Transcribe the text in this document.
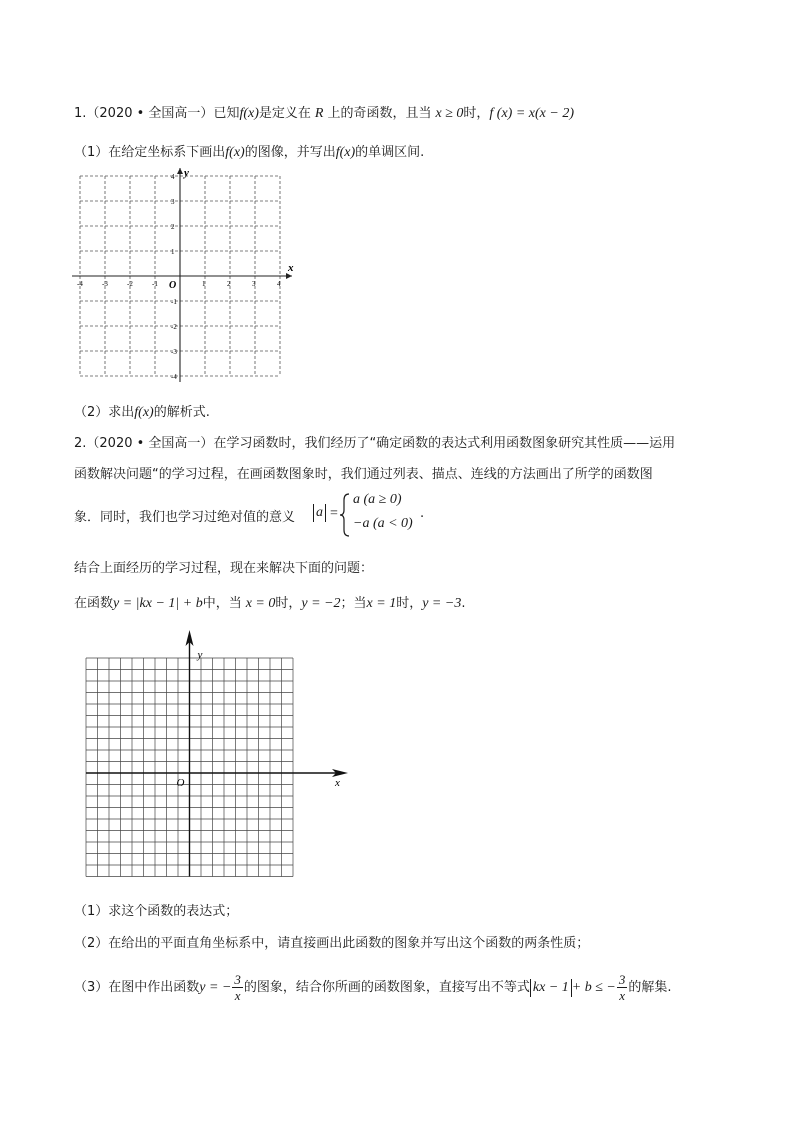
1.（2020 • 全国高一）已知f(x)是定义在 R 上的奇函数，且当 x ≥ 0时，f (x) = x(x − 2)
（1）在给定坐标系下画出f(x)的图像，并写出f(x)的单调区间.
x
y
O
-4	-3	-2	-1	1	2	3	4
4
3
2
1
-1
-2
-3
-4
（2）求出f(x)的解析式.
2.（2020 • 全国高一）在学习函数时，我们经历了“确定函数的表达式利用函数图象研究其性质——运用
函数解决问题“的学习过程，在画函数图象时，我们通过列表、描点、连线的方法画出了所学的函数图
象．同时，我们也学习过绝对值的意义 a =
a (a ≥ 0)
−a (a < 0)
.
结合上面经历的学习过程，现在来解决下面的问题：
在函数y = |kx − 1| + b中，当 x = 0时，y = −2；当x = 1时，y = −3.
x
y
O
（1）求这个函数的表达式；
（2）在给出的平面直角坐标系中，请直接画出此函数的图象并写出这个函数的两条性质；
（3）在图中作出函数y = − $\frac{3}{x}$ 的图象，结合你所画的函数图象，直接写出不等式 kx − 1 + b ≤ − $\frac{3}{x}$ 的解集.
